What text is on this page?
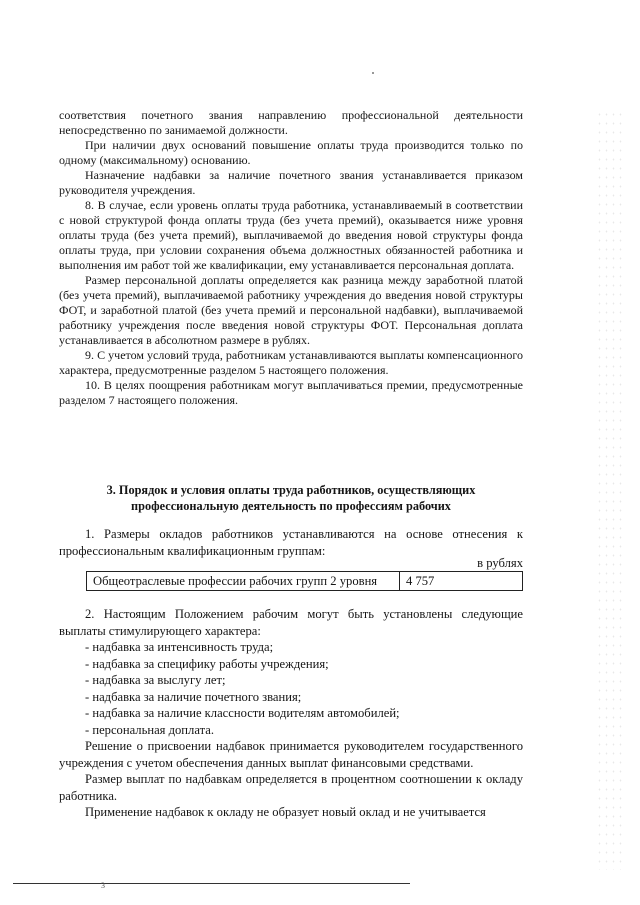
соответствия почетного звания направлению профессиональной деятельности непосредственно по занимаемой должности.

При наличии двух оснований повышение оплаты труда производится только по одному (максимальному) основанию.

Назначение надбавки за наличие почетного звания устанавливается приказом руководителя учреждения.

8. В случае, если уровень оплаты труда работника, устанавливаемый в соответствии с новой структурой фонда оплаты труда (без учета премий), оказывается ниже уровня оплаты труда (без учета премий), выплачиваемой до введения новой структуры фонда оплаты труда, при условии сохранения объема должностных обязанностей работника и выполнения им работ той же квалификации, ему устанавливается персональная доплата.

Размер персональной доплаты определяется как разница между заработной платой (без учета премий), выплачиваемой работнику учреждения до введения новой структуры ФОТ, и заработной платой (без учета премий и персональной надбавки), выплачиваемой работнику учреждения после введения новой структуры ФОТ. Персональная доплата устанавливается в абсолютном размере в рублях.

9. С учетом условий труда, работникам устанавливаются выплаты компенсационного характера, предусмотренные разделом 5 настоящего положения.

10. В целях поощрения работникам могут выплачиваться премии, предусмотренные разделом 7 настоящего положения.

3. Порядок и условия оплаты труда работников, осуществляющих

профессиональную деятельность по профессиям рабочих

1. Размеры окладов работников устанавливаются на основе отнесения к профессиональным квалификационным группам:

в рублях
Общеотраслевые профессии рабочих групп 2 уровня	4 757

2. Настоящим Положением рабочим могут быть установлены следующие выплаты стимулирующего характера:

- надбавка за интенсивность труда;
- надбавка за специфику работы учреждения;
- надбавка за выслугу лет;
- надбавка за наличие почетного звания;
- надбавка за наличие классности водителям автомобилей;
- персональная доплата.

Решение о присвоении надбавок принимается руководителем государственного учреждения с учетом обеспечения данных выплат финансовыми средствами.

Размер выплат по надбавкам определяется в процентном соотношении к окладу работника.

Применение надбавок к окладу не образует новый оклад и не учитывается

3
